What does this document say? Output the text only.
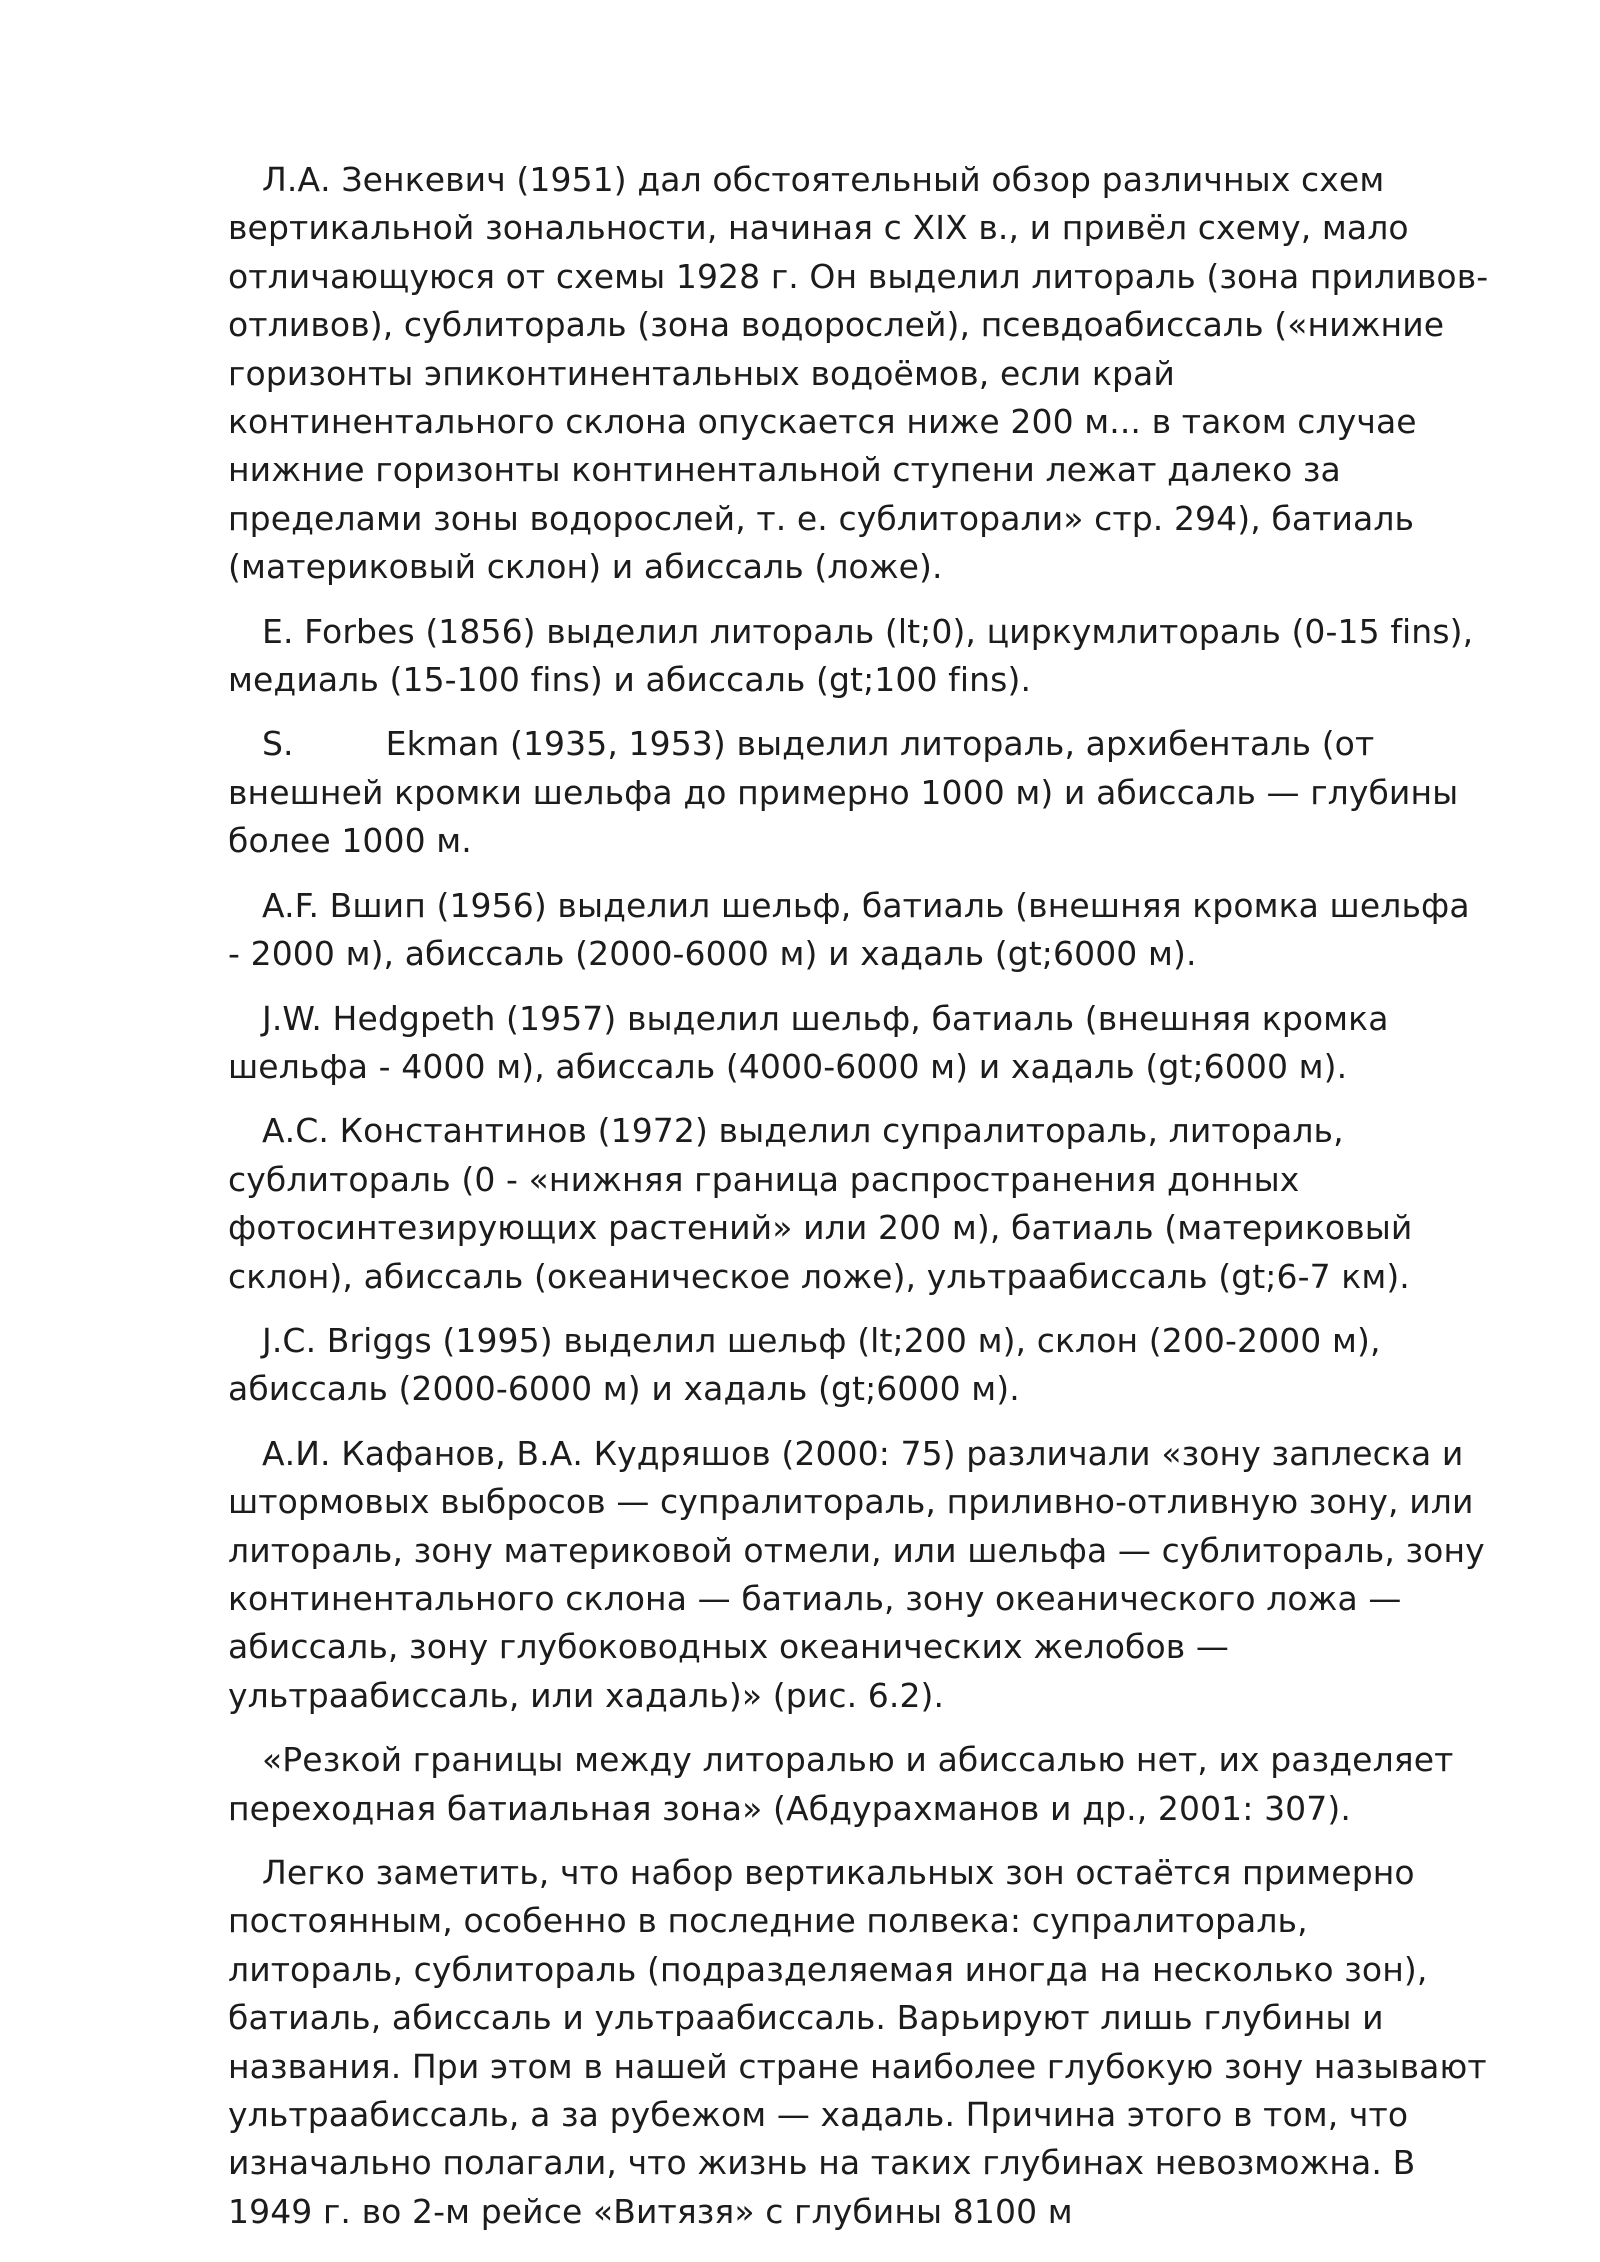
Л.А. Зенкевич (1951) дал обстоятельный обзор различных схем вертикальной зональности, начиная с XIX в., и привёл схему, мало отличающуюся от схемы 1928 г. Он выделил литораль (зона приливов-отливов), сублитораль (зона водорослей), псевдоабиссаль («нижние горизонты эпиконтинентальных водоёмов, если край континентального склона опускается ниже 200 м... в таком случае нижние горизонты континентальной ступени лежат далеко за пределами зоны водорослей, т. е. сублиторали» стр. 294), батиаль (материковый склон) и абиссаль (ложе).

E. Forbes (1856) выделил литораль (lt;0), циркумлитораль (0-15 fins), медиаль (15-100 fins) и абиссаль (gt;100 fins).

S.	Ekman (1935, 1953) выделил литораль, архибенталь (от внешней кромки шельфа до примерно 1000 м) и абиссаль — глубины более 1000 м.

A.F. Вшип (1956) выделил шельф, батиаль (внешняя кромка шельфа - 2000 м), абиссаль (2000-6000 м) и хадаль (gt;6000 м).

J.W. Hedgpeth (1957) выделил шельф, батиаль (внешняя кромка шельфа - 4000 м), абиссаль (4000-6000 м) и хадаль (gt;6000 м).

А.С. Константинов (1972) выделил супралитораль, литораль, сублитораль (0 - «нижняя граница распространения донных фотосинтезирующих растений» или 200 м), батиаль (материковый склон), абиссаль (океаническое ложе), ультраабиссаль (gt;6-7 км).

J.C. Briggs (1995) выделил шельф (lt;200 м), склон (200-2000 м), абиссаль (2000-6000 м) и хадаль (gt;6000 м).

А.И. Кафанов, В.А. Кудряшов (2000: 75) различали «зону заплеска и штормовых выбросов — супралитораль, приливно-отливную зону, или литораль, зону материковой отмели, или шельфа — сублитораль, зону континентального склона — батиаль, зону океанического ложа — абиссаль, зону глубоководных океанических желобов — ультраабиссаль, или хадаль)» (рис. 6.2).

«Резкой границы между литоралью и абиссалью нет, их разделяет переходная батиальная зона» (Абдурахманов и др., 2001: 307).

Легко заметить, что набор вертикальных зон остаётся примерно постоянным, особенно в последние полвека: супралитораль, литораль, сублитораль (подразделяемая иногда на несколько зон), батиаль, абиссаль и ультраабиссаль. Варьируют лишь глубины и названия. При этом в нашей стране наиболее глубокую зону называют ультраабиссаль, а за рубежом — хадаль. Причина этого в том, что изначально полагали, что жизнь на таких глубинах невозможна. В 1949 г. во 2-м рейсе «Витязя» с глубины 8100 м
